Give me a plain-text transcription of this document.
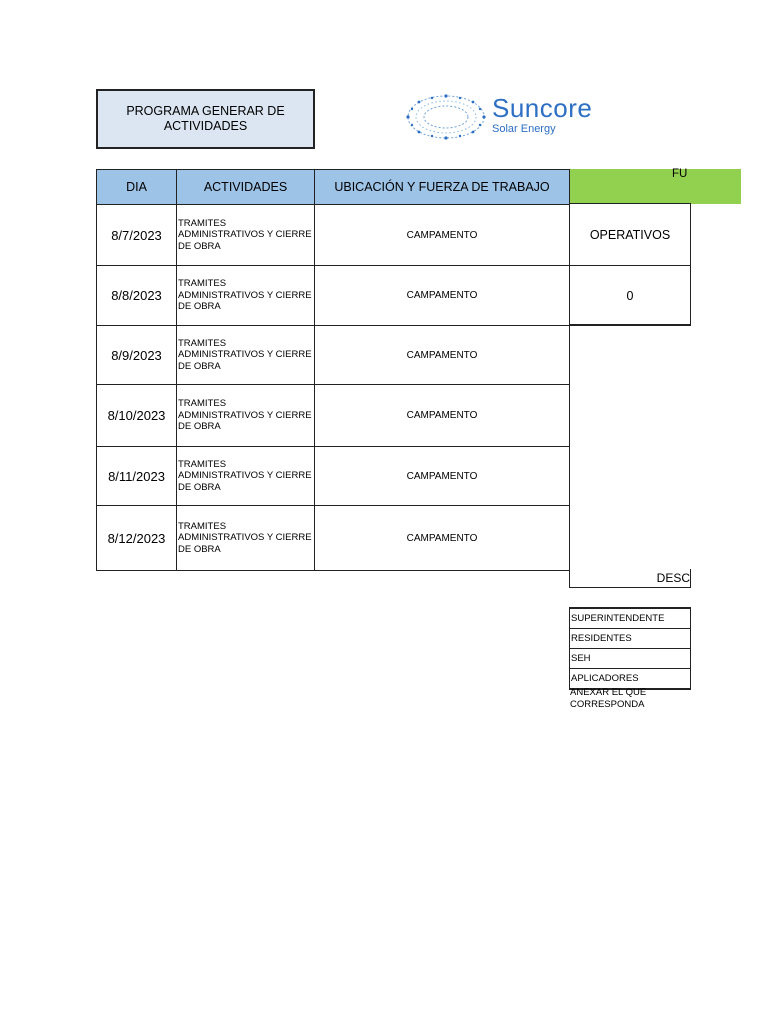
PROGRAMA GENERAR DE ACTIVIDADES
Suncore
Solar Energy
DIA	ACTIVIDADES	UBICACIÓN Y FUERZA DE TRABAJO
FU
8/7/2023
TRAMITES ADMINISTRATIVOS Y CIERRE DE OBRA
CAMPAMENTO
8/8/2023
TRAMITES ADMINISTRATIVOS Y CIERRE DE OBRA
CAMPAMENTO
8/9/2023
TRAMITES ADMINISTRATIVOS Y CIERRE DE OBRA
CAMPAMENTO
8/10/2023
TRAMITES ADMINISTRATIVOS Y CIERRE DE OBRA
CAMPAMENTO
8/11/2023
TRAMITES ADMINISTRATIVOS Y CIERRE DE OBRA
CAMPAMENTO
8/12/2023
TRAMITES ADMINISTRATIVOS Y CIERRE DE OBRA
CAMPAMENTO
OPERATIVOS
0
DESC
SUPERINTENDENTE
RESIDENTES
SEH
APLICADORES
ANEXAR EL QUE CORRESPONDA
